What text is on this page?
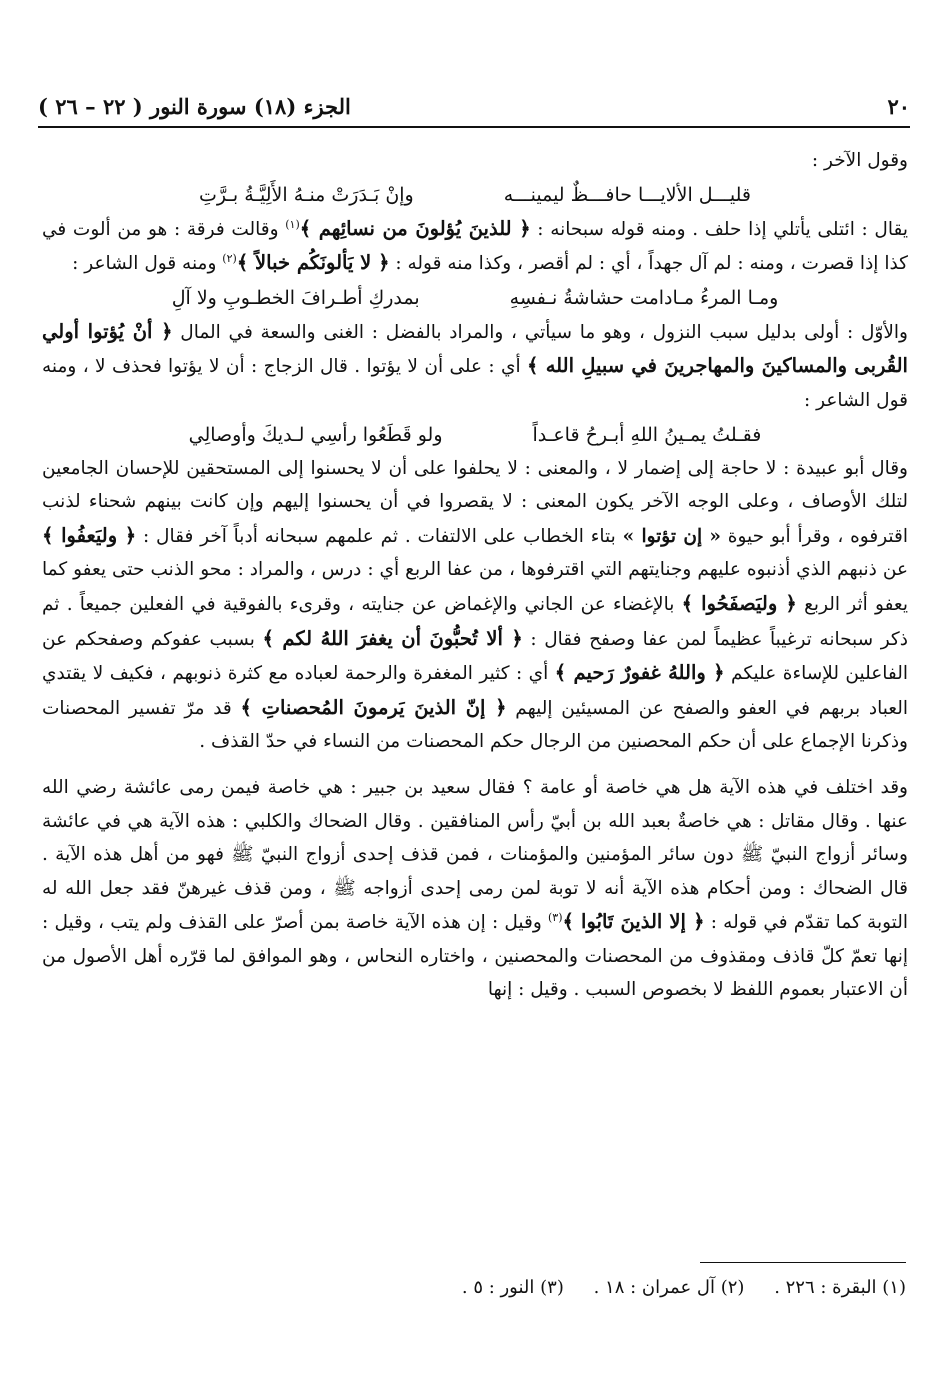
٢٠
الجزء (١٨) سورة النور ( ٢٢ – ٢٦ )

وقول الآخر :

قليـــل الألايـــا حافـــظٌ ليمينـــه
وإنْ بَـدَرَتْ منـهُ الأَلِيَّـةُ بـرَّتِ

يقال : ائتلى يأتلي إذا حلف . ومنه قوله سبحانه : ﴿ للذينَ يُؤلونَ من نسائِهم ﴾$^{(١)}$ وقالت فرقة : هو من ألوت في كذا إذا قصرت ، ومنه : لم آل جهداً ، أي : لم أقصر ، وكذا منه قوله : ﴿ لا يَألونَكُم خبالاً ﴾$^{(٢)}$ ومنه قول الشاعر :

ومـا المرءُ مـادامت حشاشةُ نـفسِهِ
بمدركِ أطـرافَ الخطـوبِ ولا آلِ

والأوّل : أولى بدليل سبب النزول ، وهو ما سيأتي ، والمراد بالفضل : الغنى والسعة في المال ﴿ أنْ يُؤتوا أولي القُربى والمساكينَ والمهاجرينَ في سبيلِ الله ﴾ أي : على أن لا يؤتوا . قال الزجاج : أن لا يؤتوا فحذف لا ، ومنه قول الشاعر :

فقـلتُ يمـينُ اللهِ أبـرحُ قاعـداً
ولو قَطَعُوا رأسِي لـديكَ وأوصالِي

وقال أبو عبيدة : لا حاجة إلى إضمار لا ، والمعنى : لا يحلفوا على أن لا يحسنوا إلى المستحقين للإحسان الجامعين لتلك الأوصاف ، وعلى الوجه الآخر يكون المعنى : لا يقصروا في أن يحسنوا إليهم وإن كانت بينهم شحناء لذنب اقترفوه ، وقرأ أبو حيوة « إن تؤتوا » بتاء الخطاب على الالتفات . ثم علمهم سبحانه أدباً آخر فقال : ﴿ وليَعفُوا ﴾ عن ذنبهم الذي أذنبوه عليهم وجنايتهم التي اقترفوها ، من عفا الربع أي : درس ، والمراد : محو الذنب حتى يعفو كما يعفو أثر الربع ﴿ وليَصفَحُوا ﴾ بالإغضاء عن الجاني والإغماض عن جنايته ، وقرىء بالفوقية في الفعلين جميعاً . ثم ذكر سبحانه ترغيباً عظيماً لمن عفا وصفح فقال : ﴿ ألا تُحبُّونَ أن يغفرَ اللهُ لكم ﴾ بسبب عفوكم وصفحكم عن الفاعلين للإساءة عليكم ﴿ واللهُ غفورٌ رَحيم ﴾ أي : كثير المغفرة والرحمة لعباده مع كثرة ذنوبهم ، فكيف لا يقتدي العباد بربهم في العفو والصفح عن المسيئين إليهم ﴿ إنّ الذينَ يَرمونَ المُحصناتِ ﴾ قد مرّ تفسير المحصنات وذكرنا الإجماع على أن حكم المحصنين من الرجال حكم المحصنات من النساء في حدّ القذف .

وقد اختلف في هذه الآية هل هي خاصة أو عامة ؟ فقال سعيد بن جبير : هي خاصة فيمن رمى عائشة رضي الله عنها . وقال مقاتل : هي خاصةٌ بعبد الله بن أبيّ رأس المنافقين . وقال الضحاك والكلبي : هذه الآية هي في عائشة وسائر أزواج النبيّ ﷺ دون سائر المؤمنين والمؤمنات ، فمن قذف إحدى أزواج النبيّ ﷺ فهو من أهل هذه الآية . قال الضحاك : ومن أحكام هذه الآية أنه لا توبة لمن رمى إحدى أزواجه ﷺ ، ومن قذف غيرهنّ فقد جعل الله له التوبة كما تقدّم في قوله : ﴿ إلا الذينَ تَابُوا ﴾$^{(٣)}$ وقيل : إن هذه الآية خاصة بمن أصرّ على القذف ولم يتب ، وقيل : إنها تعمّ كلّ قاذف ومقذوف من المحصنات والمحصنين ، واختاره النحاس ، وهو الموافق لما قرّره أهل الأصول من أن الاعتبار بعموم اللفظ لا بخصوص السبب . وقيل : إنها

(١) البقرة : ٢٢٦ . (٢) آل عمران : ١٨ . (٣) النور : ٥ .
